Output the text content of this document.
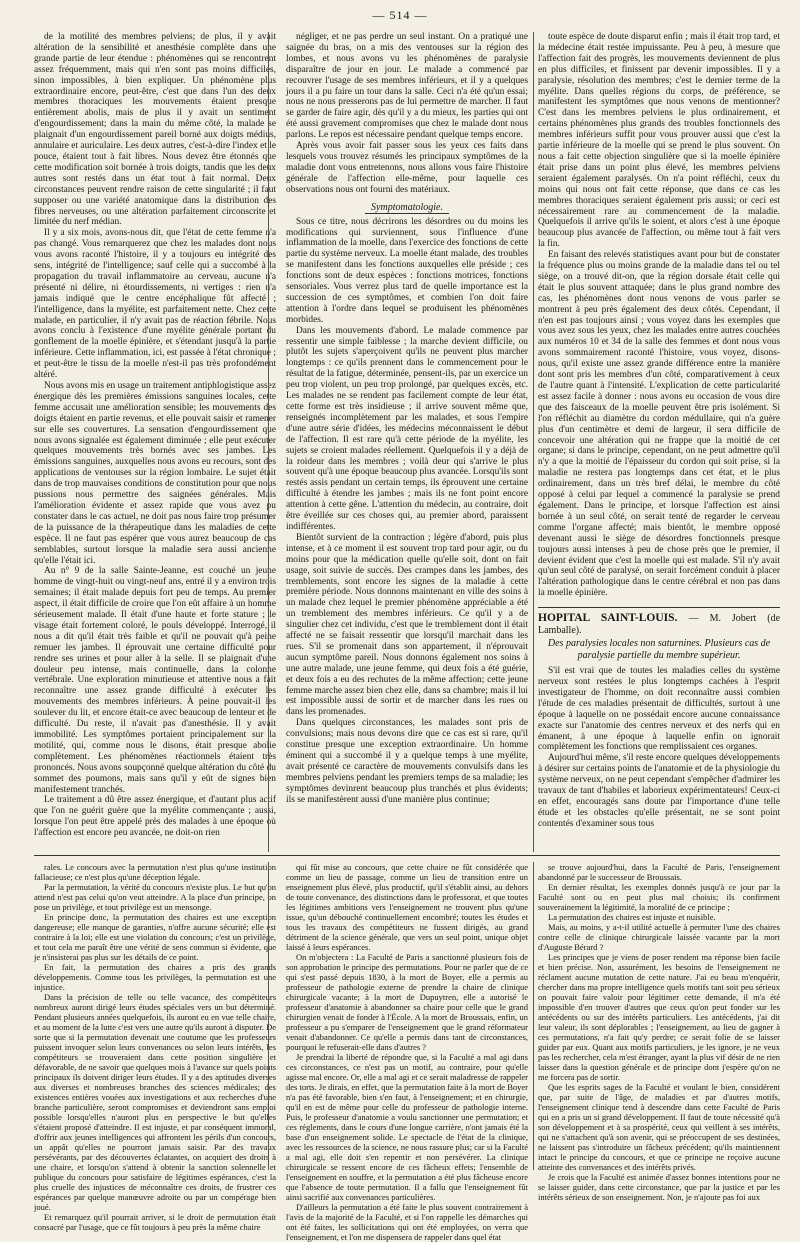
— 514 —

de la motilité des membres pelviens; de plus, il y avait altération de la sensibilité et anesthésie complète dans une grande partie de leur étendue : phénomènes qui se rencontrent assez fréquemment, mais qui n'en sont pas moins difficiles, sinon impossibles, à bien expliquer. Un phénomène plus extraordinaire encore, peut-être, c'est que dans l'un des deux membres thoraciques les mouvements étaient presque entièrement abolis, mais de plus il y avait un sentiment d'engourdissement; dans la main du même côté, la malade se plaignait d'un engourdissement pareil borné aux doigts médius, annulaire et auriculaire. Les deux autres, c'est-à-dire l'index et le pouce, étaient tout à fait libres. Nous devez être étonnés que cette modification soit bornée à trois doigts, tandis que les deux autres sont restés dans un état tout à fait normal. Deux circonstances peuvent rendre raison de cette singularité ; il faut supposer ou une variété anatomique dans la distribution des fibres nerveuses, ou une altération parfaitement circonscrite et limitée du nerf médian.

Il y a six mois, avons-nous dit, que l'état de cette femme n'a pas changé. Vous remarquerez que chez les malades dont nous vous avons raconté l'histoire, il y a toujours eu intégrité des sens, intégrité de l'intelligence; sauf celle qui a succombé à la propagation du travail inflammatoire au cerveau, aucune n'a présenté ni délire, ni étourdissements, ni vertiges : rien n'a jamais indiqué que le centre encéphalique fût affecté ; l'intelligence, dans la myélite, est parfaitement nette. Chez cette malade, en particulier, il n'y avait pas de réaction fébrile. Nous avons conclu à l'existence d'une myélite générale portant du gonflement de la moelle épinière, et s'étendant jusqu'à la partie inférieure. Cette inflammation, ici, est passée à l'état chronique ; et peut-être le tissu de la moelle n'est-il pas très profondément altéré.

Nous avons mis en usage un traitement antiphlogistique assez énergique dès les premières émissions sanguines locales, cette femme accusait une amélioration sensible; les mouvements des doigts étaient en partie revenus, et elle pouvait saisir et ramener sur elle ses couvertures. La sensation d'engourdissement que nous avons signalée est également diminuée ; elle peut exécuter quelques mouvements très bornés avec ses jambes. Les émissions sanguines, auxquelles nous avons eu recours, sont des applications de ventouses sur la région lombaire. Le sujet était dans de trop mauvaises conditions de constitution pour que nous pussions nous permettre des saignées générales. Mais l'amélioration évidente et assez rapide que vous avez pu constater dans le cas actuel, ne doit pas nous faire trop présumer de la puissance de la thérapeutique dans les maladies de cette espèce. Il ne faut pas espérer que vous aurez beaucoup de cas semblables, surtout lorsque la maladie sera aussi ancienne qu'elle l'était ici.

Au n° 9 de la salle Sainte-Jeanne, est couché un jeune homme de vingt-huit ou vingt-neuf ans, entré il y a environ trois semaines; il était malade depuis fort peu de temps. Au premier aspect, il était difficile de croire que l'on eût affaire à un homme sérieusement malade. Il était d'une haute et forte stature ; le visage était fortement coloré, le pouls développé. Interrogé, il nous a dit qu'il était très faible et qu'il ne pouvait qu'à peine remuer les jambes. Il éprouvait une certaine difficulté pour rendre ses urines et pour aller à la selle. Il se plaignait d'une douleur peu intense, mais continuelle, dans la colonne vertébrale. Une exploration minutieuse et attentive nous a fait reconnaître une assez grande difficulté à exécuter les mouvements des membres inférieurs. À peine pouvait-il les soulever du lit, et encore était-ce avec beaucoup de lenteur et de difficulté. Du reste, il n'avait pas d'anesthésie. Il y avait immobilité. Les symptômes portaient principalement sur la motilité, qui, comme nous le disons, était presque abolie complètement. Les phénomènes réactionnels étaient très prononcés. Nous avons soupçonné quelque altération du côté du sommet des poumons, mais sans qu'il y eût de signes bien manifestement tranchés.

Le traitement a dû être assez énergique, et d'autant plus actif que l'on ne guérit guère que la myélite commençante ; aussi, lorsque l'on peut être appelé près des malades à une époque où l'affection est encore peu avancée, ne doit-on rien

négliger, et ne pas perdre un seul instant. On a pratiqué une saignée du bras, on a mis des ventouses sur la région des lombes, et nous avons vu les phénomènes de paralysie disparaître de jour en jour. Le malade a commencé par recouvrer l'usage de ses membres inférieurs, et il y a quelques jours il a pu faire un tour dans la salle. Ceci n'a été qu'un essai; nous ne nous presserons pas de lui permettre de marcher. Il faut se garder de faire agir, dès qu'il y a du mieux, les parties qui ont été aussi gravement compromises que chez le malade dont nous parlons. Le repos est nécessaire pendant quelque temps encore.

Après vous avoir fait passer sous les yeux ces faits dans lesquels vous trouvez résumés les principaux symptômes de la maladie dont vous entretenons, nous allons vous faire l'histoire générale de l'affection elle-même, pour laquelle ces observations nous ont fourni des matériaux.

Symptomatologie.

Sous ce titre, nous décrirons les désordres ou du moins les modifications qui surviennent, sous l'influence d'une inflammation de la moelle, dans l'exercice des fonctions de cette partie du système nerveux. La moelle étant malade, des troubles se manifestent dans les fonctions auxquelles elle préside ; ces fonctions sont de deux espèces : fonctions motrices, fonctions sensoriales. Vous verrez plus tard de quelle importance est la succession de ces symptômes, et combien l'on doit faire attention à l'ordre dans lequel se produisent les phénomènes morbides.

Dans les mouvements d'abord. Le malade commence par ressentir une simple faiblesse ; la marche devient difficile, ou plutôt les sujets s'aperçoivent qu'ils ne peuvent plus marcher longtemps : ce qu'ils prennent dans le commencement pour le résultat de la fatigue, déterminée, pensent-ils, par un exercice un peu trop violent, un peu trop prolongé, par quelques excès, etc. Les malades ne se rendent pas facilement compte de leur état, cette forme est très insidieuse ; il arrive souvent même que, renseignés incomplètement par les malades, et sous l'empire d'une autre série d'idées, les médecins méconnaissent le début de l'affection. Il est rare qu'à cette période de la myélite, les sujets se croient malades réellement. Quelquefois il y a déjà de la roideur dans les membres ; voilà deur qui s'arrive le plus souvent qu'à une époque beaucoup plus avancée. Lorsqu'ils sont restés assis pendant un certain temps, ils éprouvent une certaine difficulté à étendre les jambes ; mais ils ne font point encore attention à cette gêne. L'attention du médecin, au contraire, doit être éveillée sur ces choses qui, au premier abord, paraissent indifférentes.

Bientôt survient de la contraction ; légère d'abord, puis plus intense, et à ce moment il est souvent trop tard pour agir, ou du moins pour que la médication quelle qu'elle soit, dont on fait usage, soit suivie de succès. Des crampes dans les jambes, des tremblements, sont encore les signes de la maladie à cette première période. Nous donnons maintenant en ville des soins à un malade chez lequel le premier phénomène appréciable a été un tremblement des membres inférieurs. Ce qu'il y a de singulier chez cet individu, c'est que le tremblement dont il était affecté ne se faisait ressentir que lorsqu'il marchait dans les rues. S'il se promenait dans son appartement, il n'éprouvait aucun symptôme pareil. Nous donnons également nos soins à une autre malade, une jeune femme, qui deux fois a été guérie, et deux fois a eu des rechutes de la même affection; cette jeune femme marche assez bien chez elle, dans sa chambre; mais il lui est impossible aussi de sortir et de marcher dans les rues ou dans les promenades.

Dans quelques circonstances, les malades sont pris de convulsions; mais nous devons dire que ce cas est si rare, qu'il constitue presque une exception extraordinaire. Un homme éminent qui a succombé il y a quelque temps à une myélite, avait présenté ce caractère de mouvements convulsifs dans les membres pelviens pendant les premiers temps de sa maladie; les symptômes devinrent beaucoup plus tranchés et plus évidents; ils se manifestèrent aussi d'une manière plus continue;

toute espèce de doute disparut enfin ; mais il était trop tard, et la médecine était restée impuissante. Peu à peu, à mesure que l'affection fait des progrès, les mouvements deviennent de plus en plus difficiles, et finissent par devenir impossibles. Il y a paralysie, résolution des membres; c'est le dernier terme de la myélite. Dans quelles régions du corps, de préférence, se manifestent les symptômes que nous venons de mentionner? C'est dans les membres pelviens le plus ordinairement, et certains phénomènes plus grands des troubles fonctionnels des membres inférieurs suffit pour vous prouver aussi que c'est la partie inférieure de la moelle qui se prend le plus souvent. On nous a fait cette objection singulière que si la moelle épinière était prise dans un point plus élevé, les membres pelviens seraient également paralysés. On n'a point réfléchi, ceux du moins qui nous ont fait cette réponse, que dans ce cas les membres thoraciques seraient également pris aussi; or ceci est nécessairement rare au commencement de la maladie. Quelquefois il arrive qu'ils le soient, et alors c'est à une époque beaucoup plus avancée de l'affection, ou même tout à fait vers la fin.

En faisant des relevés statistiques avant pour but de constater la fréquence plus ou moins grande de la maladie dans tel ou tel siège, on a trouvé dit-on, que la région dorsale était celle qui était le plus souvent attaquée; dans le plus grand nombre des cas, les phénomènes dont nous venons de vous parler se montrent à peu près également des deux côtés. Cependant, il n'en est pas toujours ainsi ; vous voyez dans les exemples que vous avez sous les yeux, chez les malades entre autres couchées aux numéros 10 et 34 de la salle des femmes et dont nous vous avons sommairement raconté l'histoire, vous voyez, disons-nous, qu'il existe une assez grande différence entre la manière dont sont pris les membres d'un côté, comparativement à ceux de l'autre quant à l'intensité. L'explication de cette particularité est assez facile à donner : nous avons eu occasion de vous dire que des faisceaux de la moelle peuvent être pris isolément. Si l'on réfléchit au diamètre du cordon médullaire, qui n'a guère plus d'un centimètre et demi de largeur, il sera difficile de concevoir une altération qui ne frappe que la moitié de cet organe; si dans le principe, cependant, on ne peut admettre qu'il n'y a que la moitié de l'épaisseur du cordon qui soit prise, si la maladie ne restera pas longtemps dans cet état, et le plus ordinairement, dans un très bref délai, le membre du côté opposé à celui par lequel a commencé la paralysie se prend également. Dans le principe, et lorsque l'affection est ainsi bornée à un seul côté, on serait tenté de regarder le cerveau comme l'organe affecté; mais bientôt, le membre opposé devenant aussi le siège de désordres fonctionnels presque toujours aussi intenses à peu de chose près que le premier, il devient évident que c'est la moelle qui est malade. S'il n'y avait qu'un seul côté de paralysé, on serait forcément conduit à placer l'altération pathologique dans le centre cérébral et non pas dans la moelle épinière.

HOPITAL SAINT-LOUIS. — M. Jobert (de Lamballe).
Des paralysies locales non saturnines. Plusieurs cas de paralysie partielle du membre supérieur.

S'il est vrai que de toutes les maladies celles du système nerveux sont restées le plus longtemps cachées à l'esprit investigateur de l'homme, on doit reconnaître aussi combien l'étude de ces maladies présentait de difficultés, surtout à une époque à laquelle on ne possédait encore aucune connaissance exacte sur l'anatomie des centres nerveux et des nerfs qui en émanent, à une époque à laquelle enfin on ignorait complètement les fonctions que remplissaient ces organes.

Aujourd'hui même, s'il reste encore quelques développements à désirer sur certains points de l'anatomie et de la physiologie du système nerveux, on ne peut cependant s'empêcher d'admirer les travaux de tant d'habiles et laborieux expérimentateurs! Ceux-ci en effet, encouragés sans doute par l'importance d'une telle étude et les obstacles qu'elle présentait, ne se sont point contentés d'examiner sous tous

rales. Le concours avec la permutation n'est plus qu'une institution fallacieuse; ce n'est plus qu'une déception légale.

Par la permutation, la vérité du concours n'existe plus. Le but qu'on attend n'est pas celui qu'on veut atteindre. A la place d'un principe, on pose un privilège, et tout privilège est un mensonge.

En principe donc, la permutation des chaires est une exception dangereuse; elle manque de garanties, n'offre aucune sécurité; elle est contraire à la loi; elle est une violation du concours; c'est un privilège, et tout cela me paraît être une vérité de sens commun si évidente, que je n'insisterai pas plus sur les détails de ce point.

En fait, la permutation des chaires a pris des grands développements. Comme tous les privilèges, la permutation est une injustice.

Dans la précision de telle ou telle vacance, des compétiteurs nombreux auront dirigé leurs études spéciales vers un but déterminé. Pendant plusieurs années quelquefois, ils auront eu en vue telle chaire, et au moment de la lutte c'est vers une autre qu'ils auront à disputer. De sorte que si la permutation devenait une coutume que les professeurs puissent invoquer selon leurs convenances ou selon leurs intérêts, les compétiteurs se trouveraient dans cette position singulière et défavorable, de ne savoir que quelques mois à l'avance sur quels points principaux ils doivent diriger leurs études. Il y a des aptitudes diverses aux diverses et nombreuses branches des sciences médicales; des existences entières vouées aux investigations et aux recherches d'une branche particulière, seront compromises et deviendront sans emploi possible lorsqu'elles n'auront plus en perspective le but qu'elles s'étaient proposé d'atteindre. Il est injuste, et par conséquent immoral, d'offrir aux jeunes intelligences qui affrontent les périls d'un concours, un appât qu'elles ne pourront jamais saisir. Par des travaux persévérants, par des découvertes éclatantes, on acquiert des droits à une chaire, et lorsqu'on s'attend à obtenir la sanction solennelle et publique du concours pour satisfaire de légitimes espérances, c'est la plus cruelle des injustices de méconnaître ces droits, de frustrer ces espérances par quelque manœuvre adroite ou par un compérage bien joué.

Et remarquez qu'il pourrait arriver, si le droit de permutation était consacré par l'usage, que ce fût toujours à peu près la même chaire

qui fût mise au concours, que cette chaire ne fût considérée que comme un lieu de passage, comme un lieu de transition entre un enseignement plus élevé, plus productif, qu'il s'établit ainsi, au dehors de toute convenance, des distinctions dans le professorat, et que toutes les légitimes ambitions vers l'enseignement ne trouvent plus qu'une issue, qu'un débouché continuellement encombré; toutes les études et tous les travaux des compétiteurs ne fussent dirigés, au grand détriment de la science générale, que vers un seul point, unique objet laissé à leurs espérances.

On m'objectera : La Faculté de Paris a sanctionné plusieurs fois de son approbation le principe des permutations. Pour ne parler que de ce qui s'est passé depuis 1830, à la mort de Boyer, elle a permis au professeur de pathologie externe de prendre la chaire de clinique chirurgicale vacante; à la mort de Dupuytren, elle a autorisé le professeur d'anatomie à abandonner sa chaire pour celle que le grand chirurgien venait de fonder à l'École. A la mort de Broussais, enfin, un professeur a pu s'emparer de l'enseignement que le grand réformateur venait d'abandonner. Ce qu'elle a permis dans tant de circonstances, pourquoi le refuserait-elle dans d'autres ?

Je prendrai la liberté de répondre que, si la Faculté a mal agi dans ces circonstances, ce n'est pas un motif, au contraire, pour qu'elle agisse mal encore. Or, elle a mal agi et ce serait maladresse de rappeler des torts. Je dirais, en effet, que la permutation faite à la mort de Boyer n'a pas été favorable, bien s'en faut, à l'enseignement; et en chirurgie, qu'il en est de même pour celle du professeur de pathologie interne. Puis, le professeur d'anatomie a voulu sanctionner une permutation; et ces réglements, dans le cours d'une longue carrière, n'ont jamais été la base d'un enseignement solide. Le spectacle de l'état de la clinique, avec les ressources de la science, ne nous rassure plus; car si la Faculté a mal agi, elle doit s'en repentir et non persévérer. La clinique chirurgicale se ressent encore de ces fâcheux effets; l'ensemble de l'enseignement en souffre, et la permutation a été plus fâcheuse encore que l'absence de toute permutation. Il a fallu que l'enseignement fût ainsi sacrifié aux convenances particulières.

D'ailleurs la permutation a été faite le plus souvent contrairement à l'avis de la majorité de la Faculté, et si l'on rappelle les démarches qui ont été faites, les sollicitations qui ont été employées, on verra que l'enseignement, et l'on me dispensera de rappeler dans quel état

se trouve aujourd'hui, dans la Faculté de Paris, l'enseignement abandonné par le successeur de Broussais.

En dernier résultat, les exemples donnés jusqu'à ce jour par la Faculté sont ou en peut plus mal choisis; ils confirment souverainement la légitimité, la moralité de ce principe ;

La permutation des chaires est injuste et nuisible.

Mais, au moins, y a-t-il utilité actuelle à permuter l'une des chaires contre celle de clinique chirurgicale laissée vacante par la mort d'Auguste Bérard ?

Les principes que je viens de poser rendent ma réponse bien facile et bien précise. Non, assurément, les besoins de l'enseignement ne réclament aucune mutation de cette nature. J'ai eu beau m'enquérir, chercher dans ma propre intelligence quels motifs tant soit peu sérieux on pouvait faire valoir pour légitimer cette demande, il m'a été impossible d'en trouver d'autres que ceux qu'on peut fonder sur les antécédents ou sur des intérêts particuliers. Les antécédents, j'ai dit leur valeur, ils sont déplorables ; l'enseignement, au lieu de gagner à ces permutations, n'a fait qu'y perdre; ce serait folie de se laisser guider par eux. Quant aux motifs particuliers, je les ignore, je ne veux pas les rechercher, cela m'est étranger, ayant la plus vif désir de ne rien laisser dans la question générale et de principe dont j'espère qu'on ne me forcera pas de sortir.

Que les esprits sages de la Faculté et voulant le bien, considérent que, par suite de l'âge, de maladies et par d'autres motifs, l'enseignement clinique tend à descendre dans cette Faculté de Paris qui en a pris un si grand développement. Il faut de toute nécessité qu'à son développement et à sa prospérité, ceux qui veillent à ses intérêts, qui ne s'attachent qu'à son avenir, qui se préoccupent de ses destinées, ne laissent pas s'introduire un fâcheux précédent; qu'ils maintiennent intact le principe du concours, et que ce principe ne reçoive aucune atteinte des convenances et des intérêts privés.

Je crois que la Faculté est animée d'assez bonnes intentions pour ne se laisser guider, dans cette circonstance, que par la justice et par les intérêts sérieux de son enseignement. Non, je n'ajoute pas foi aux
